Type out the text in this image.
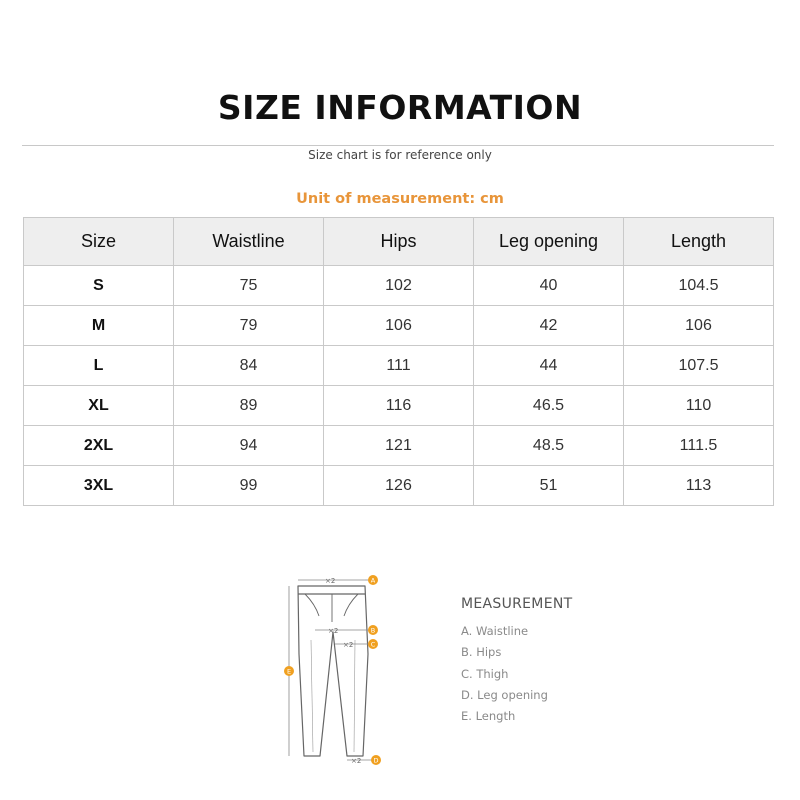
SIZE INFORMATION
Size chart is for reference only
Unit of measurement: cm
Size	Waistline	Hips	Leg opening	Length
S	75	102	40	104.5
M	79	106	42	106
L	84	111	44	107.5
XL	89	116	46.5	110
2XL	94	121	48.5	111.5
3XL	99	126	51	113
×2
×2
×2
×2
A
B
C
D
E
MEASUREMENT
A. Waistline
B. Hips
C. Thigh
D. Leg opening
E. Length
